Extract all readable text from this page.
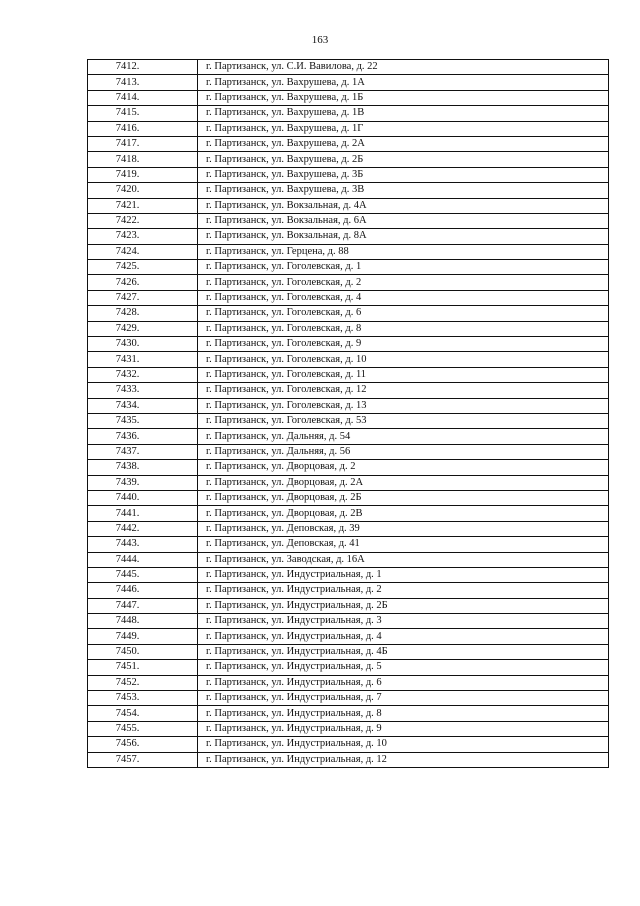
163
7412.	г. Партизанск, ул. С.И. Вавилова, д. 22
7413.	г. Партизанск, ул. Вахрушева, д. 1А
7414.	г. Партизанск, ул. Вахрушева, д. 1Б
7415.	г. Партизанск, ул. Вахрушева, д. 1В
7416.	г. Партизанск, ул. Вахрушева, д. 1Г
7417.	г. Партизанск, ул. Вахрушева, д. 2А
7418.	г. Партизанск, ул. Вахрушева, д. 2Б
7419.	г. Партизанск, ул. Вахрушева, д. 3Б
7420.	г. Партизанск, ул. Вахрушева, д. 3В
7421.	г. Партизанск, ул. Вокзальная, д. 4А
7422.	г. Партизанск, ул. Вокзальная, д. 6А
7423.	г. Партизанск, ул. Вокзальная, д. 8А
7424.	г. Партизанск, ул. Герцена, д. 88
7425.	г. Партизанск, ул. Гоголевская, д. 1
7426.	г. Партизанск, ул. Гоголевская, д. 2
7427.	г. Партизанск, ул. Гоголевская, д. 4
7428.	г. Партизанск, ул. Гоголевская, д. 6
7429.	г. Партизанск, ул. Гоголевская, д. 8
7430.	г. Партизанск, ул. Гоголевская, д. 9
7431.	г. Партизанск, ул. Гоголевская, д. 10
7432.	г. Партизанск, ул. Гоголевская, д. 11
7433.	г. Партизанск, ул. Гоголевская, д. 12
7434.	г. Партизанск, ул. Гоголевская, д. 13
7435.	г. Партизанск, ул. Гоголевская, д. 53
7436.	г. Партизанск, ул. Дальняя, д. 54
7437.	г. Партизанск, ул. Дальняя, д. 56
7438.	г. Партизанск, ул. Дворцовая, д. 2
7439.	г. Партизанск, ул. Дворцовая, д. 2А
7440.	г. Партизанск, ул. Дворцовая, д. 2Б
7441.	г. Партизанск, ул. Дворцовая, д. 2В
7442.	г. Партизанск, ул. Деповская, д. 39
7443.	г. Партизанск, ул. Деповская, д. 41
7444.	г. Партизанск, ул. Заводская, д. 16А
7445.	г. Партизанск, ул. Индустриальная, д. 1
7446.	г. Партизанск, ул. Индустриальная, д. 2
7447.	г. Партизанск, ул. Индустриальная, д. 2Б
7448.	г. Партизанск, ул. Индустриальная, д. 3
7449.	г. Партизанск, ул. Индустриальная, д. 4
7450.	г. Партизанск, ул. Индустриальная, д. 4Б
7451.	г. Партизанск, ул. Индустриальная, д. 5
7452.	г. Партизанск, ул. Индустриальная, д. 6
7453.	г. Партизанск, ул. Индустриальная, д. 7
7454.	г. Партизанск, ул. Индустриальная, д. 8
7455.	г. Партизанск, ул. Индустриальная, д. 9
7456.	г. Партизанск, ул. Индустриальная, д. 10
7457.	г. Партизанск, ул. Индустриальная, д. 12
